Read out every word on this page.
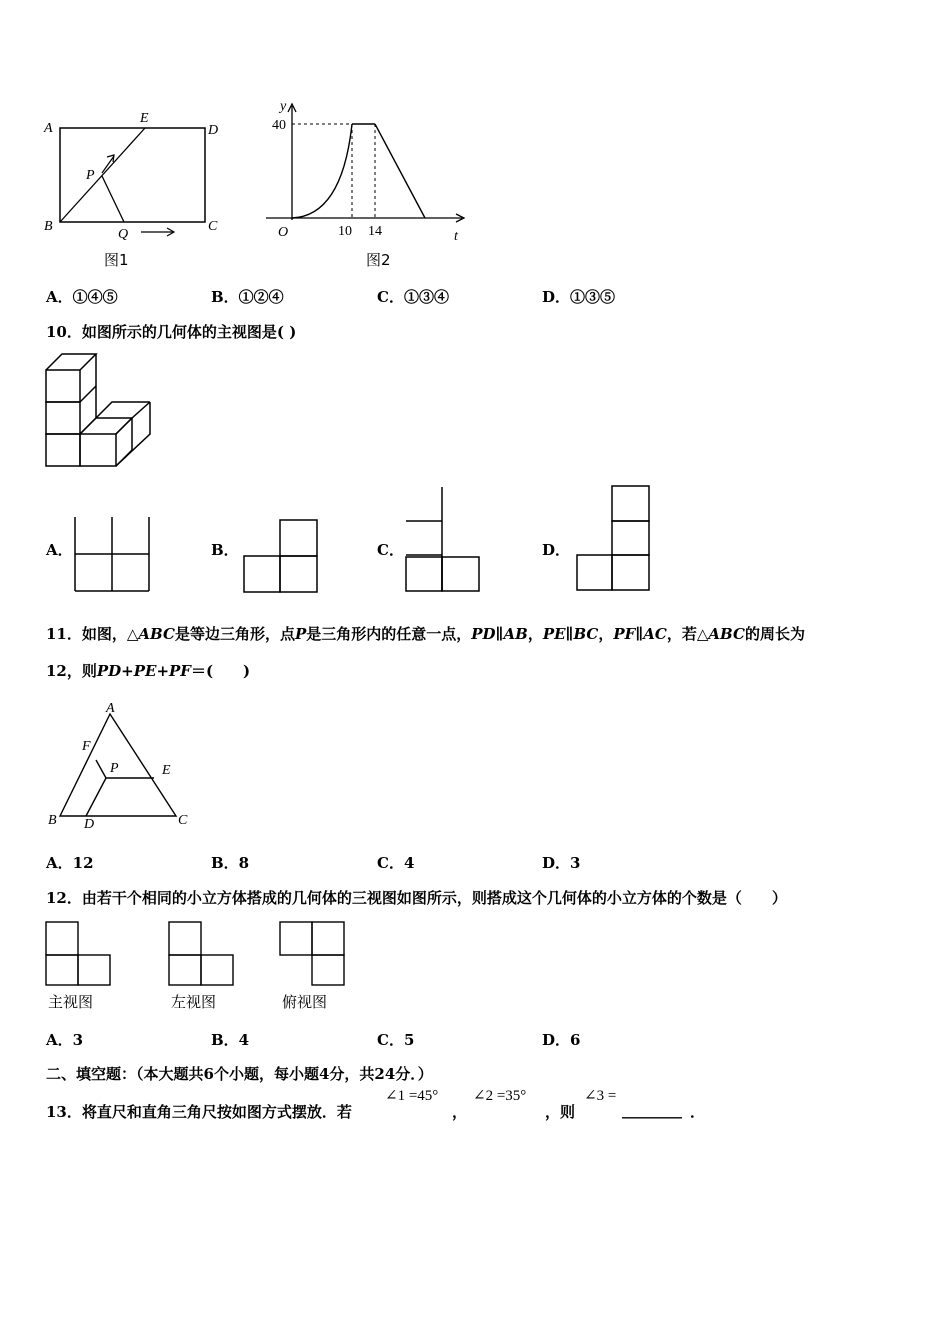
A
E
D
B	C
P
Q
图1
y
40
O	10 14	t
图2
A．①④⑤	B．①②④	C．①③④	D．①③⑤
10．如图所示的几何体的主视图是( )
A．	B．	C．	D．
11．如图，△ABC是等边三角形，点P是三角形内的任意一点，PD∥AB，PE∥BC，PF∥AC，若△ABC的周长为
12，则PD+PE+PF＝(　　)
A
F
P	E
B D	C
A．12	B．8	C．4	D．3
12．由若干个相同的小立方体搭成的几何体的三视图如图所示，则搭成这个几何体的小立方体的个数是（　　）
主视图	左视图	俯视图
A．3	B．4	C．5	D．6
二、填空题：（本大题共6个小题，每小题4分，共24分．）
13．将直尺和直角三角尺按如图方式摆放．若
∠1 =45°
，
∠2 =35°
，则
∠3 =
________ ．
